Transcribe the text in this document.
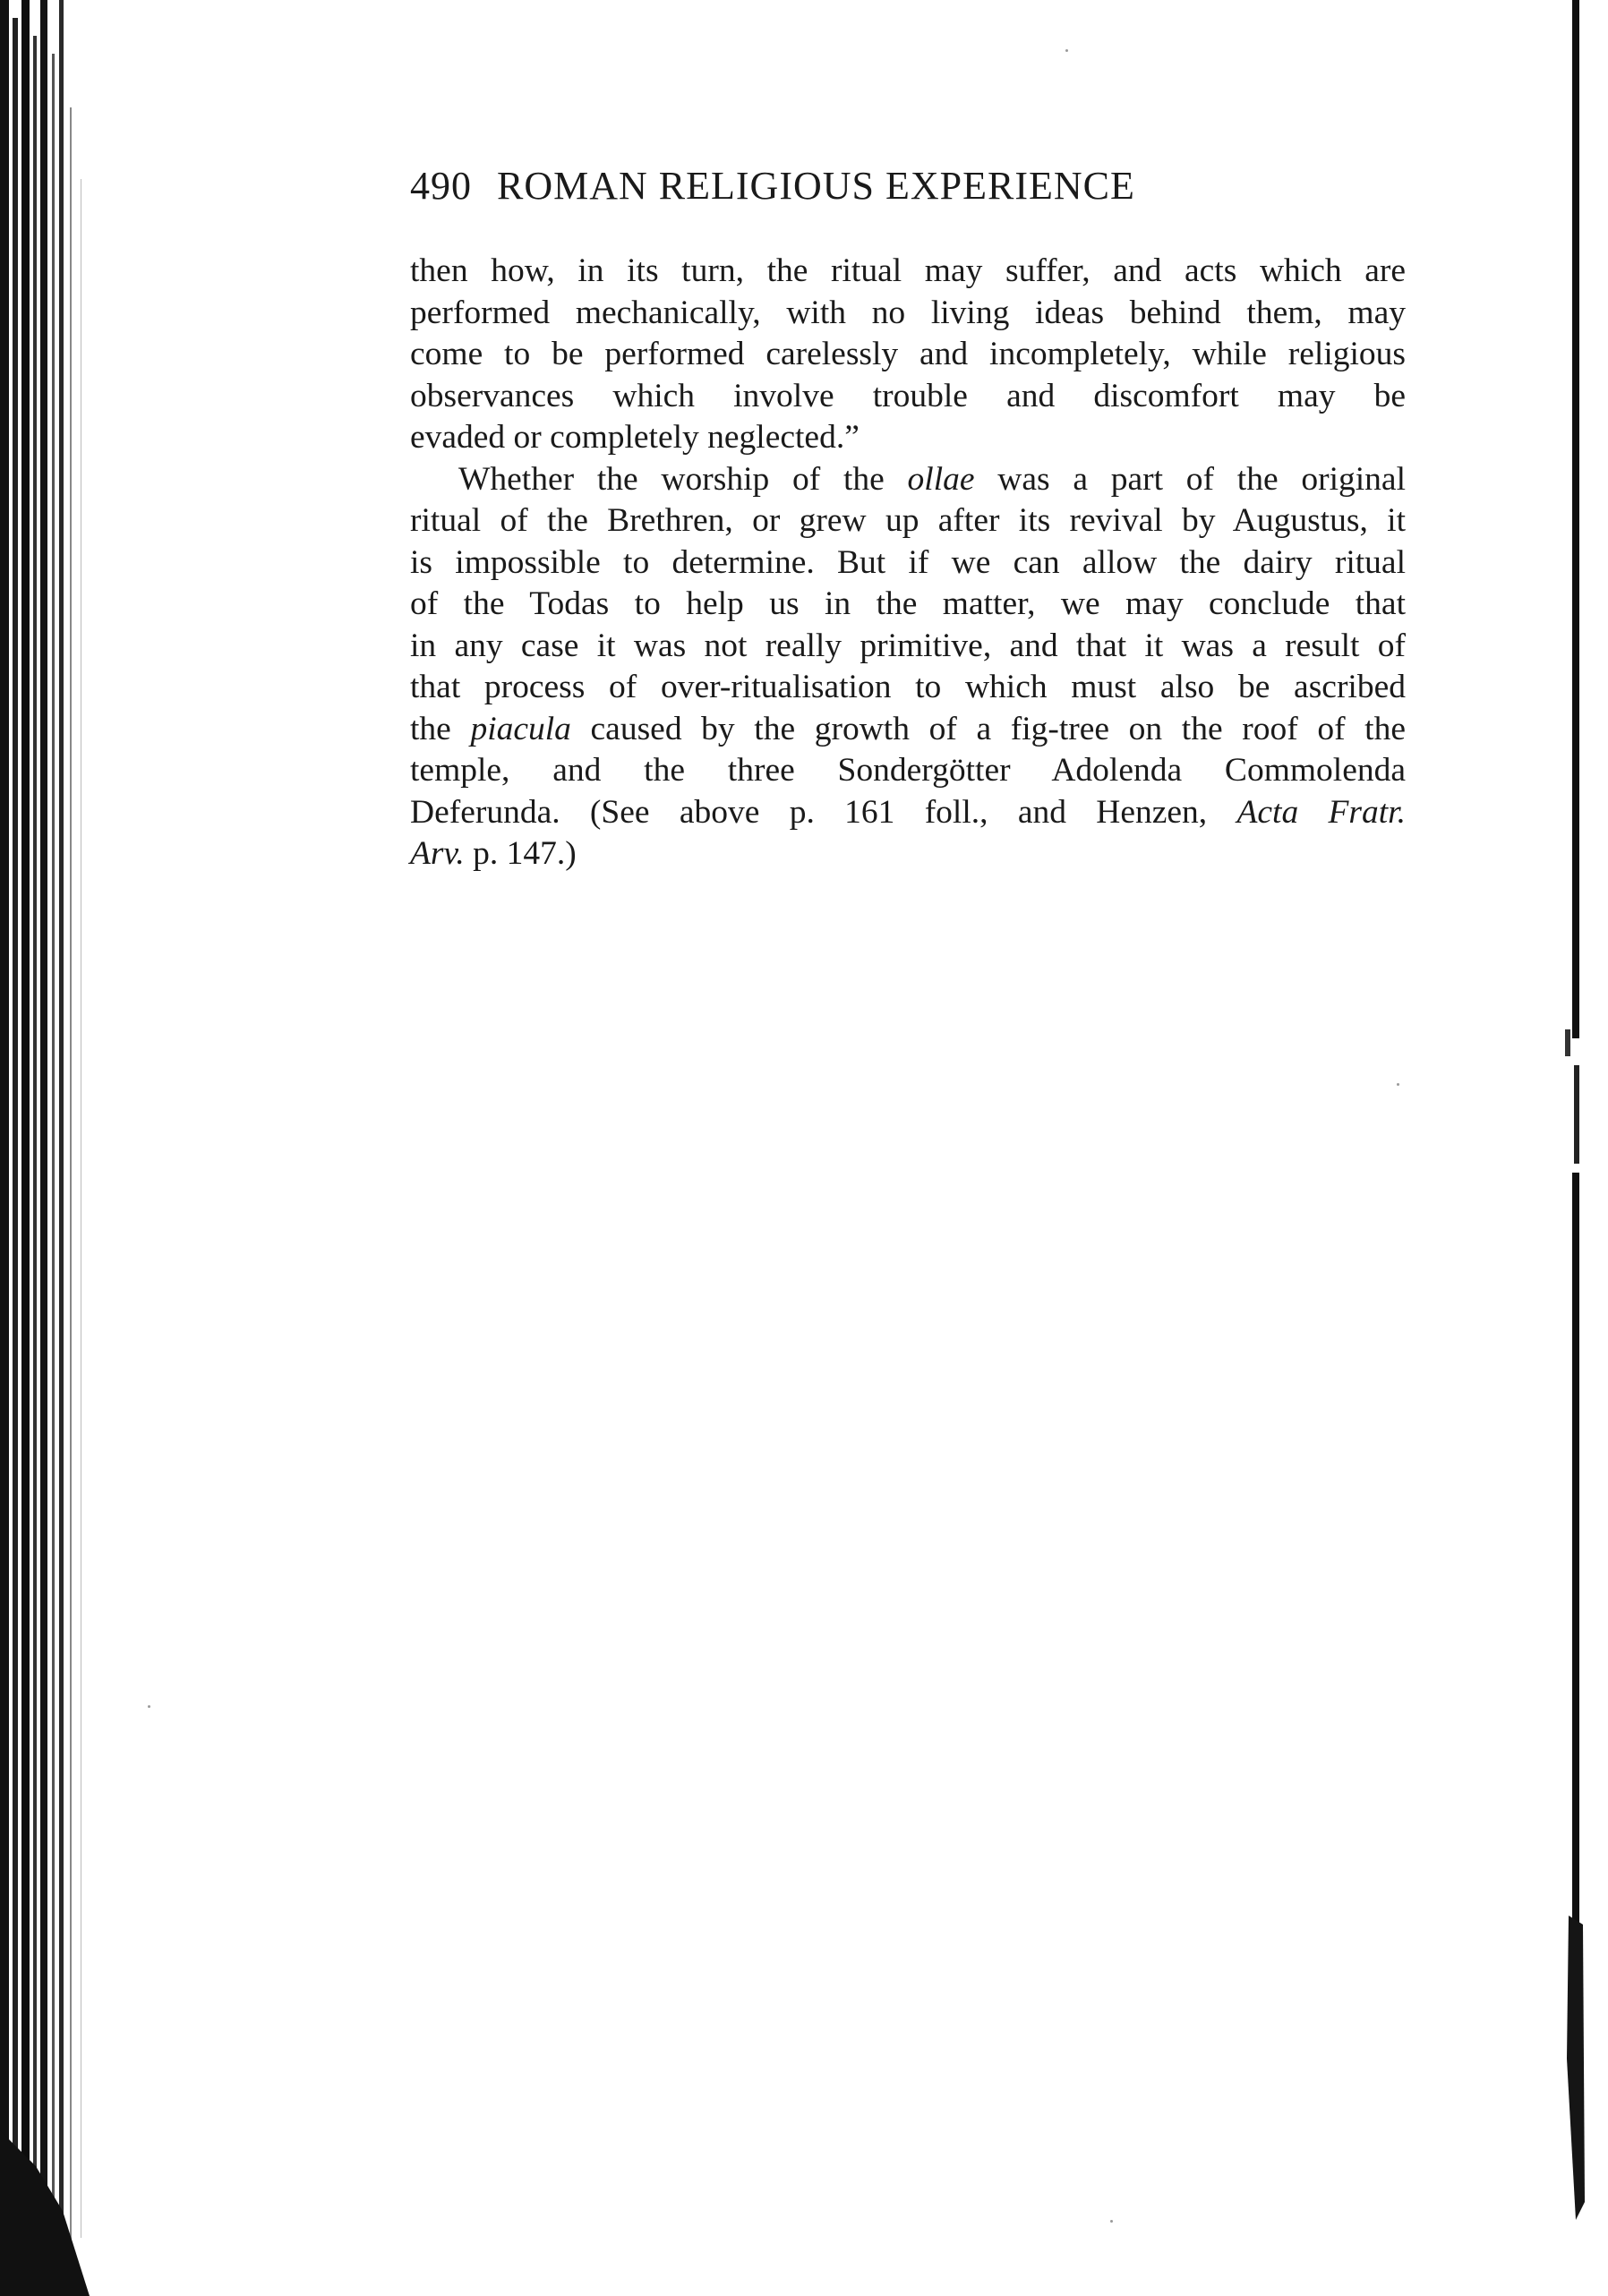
490 ROMAN RELIGIOUS EXPERIENCE

then how, in its turn, the ritual may suffer, and acts which are
performed mechanically, with no living ideas behind them, may
come to be performed carelessly and incompletely, while religious
observances which involve trouble and discomfort may be
evaded or completely neglected.”

Whether the worship of the ollae was a part of the original
ritual of the Brethren, or grew up after its revival by Augustus, it
is impossible to determine. But if we can allow the dairy ritual
of the Todas to help us in the matter, we may conclude that
in any case it was not really primitive, and that it was a result of
that process of over-ritualisation to which must also be ascribed
the piacula caused by the growth of a fig-tree on the roof of the
temple, and the three Sondergötter Adolenda Commolenda
Deferunda. (See above p. 161 foll., and Henzen, Acta Fratr.
Arv. p. 147.)
